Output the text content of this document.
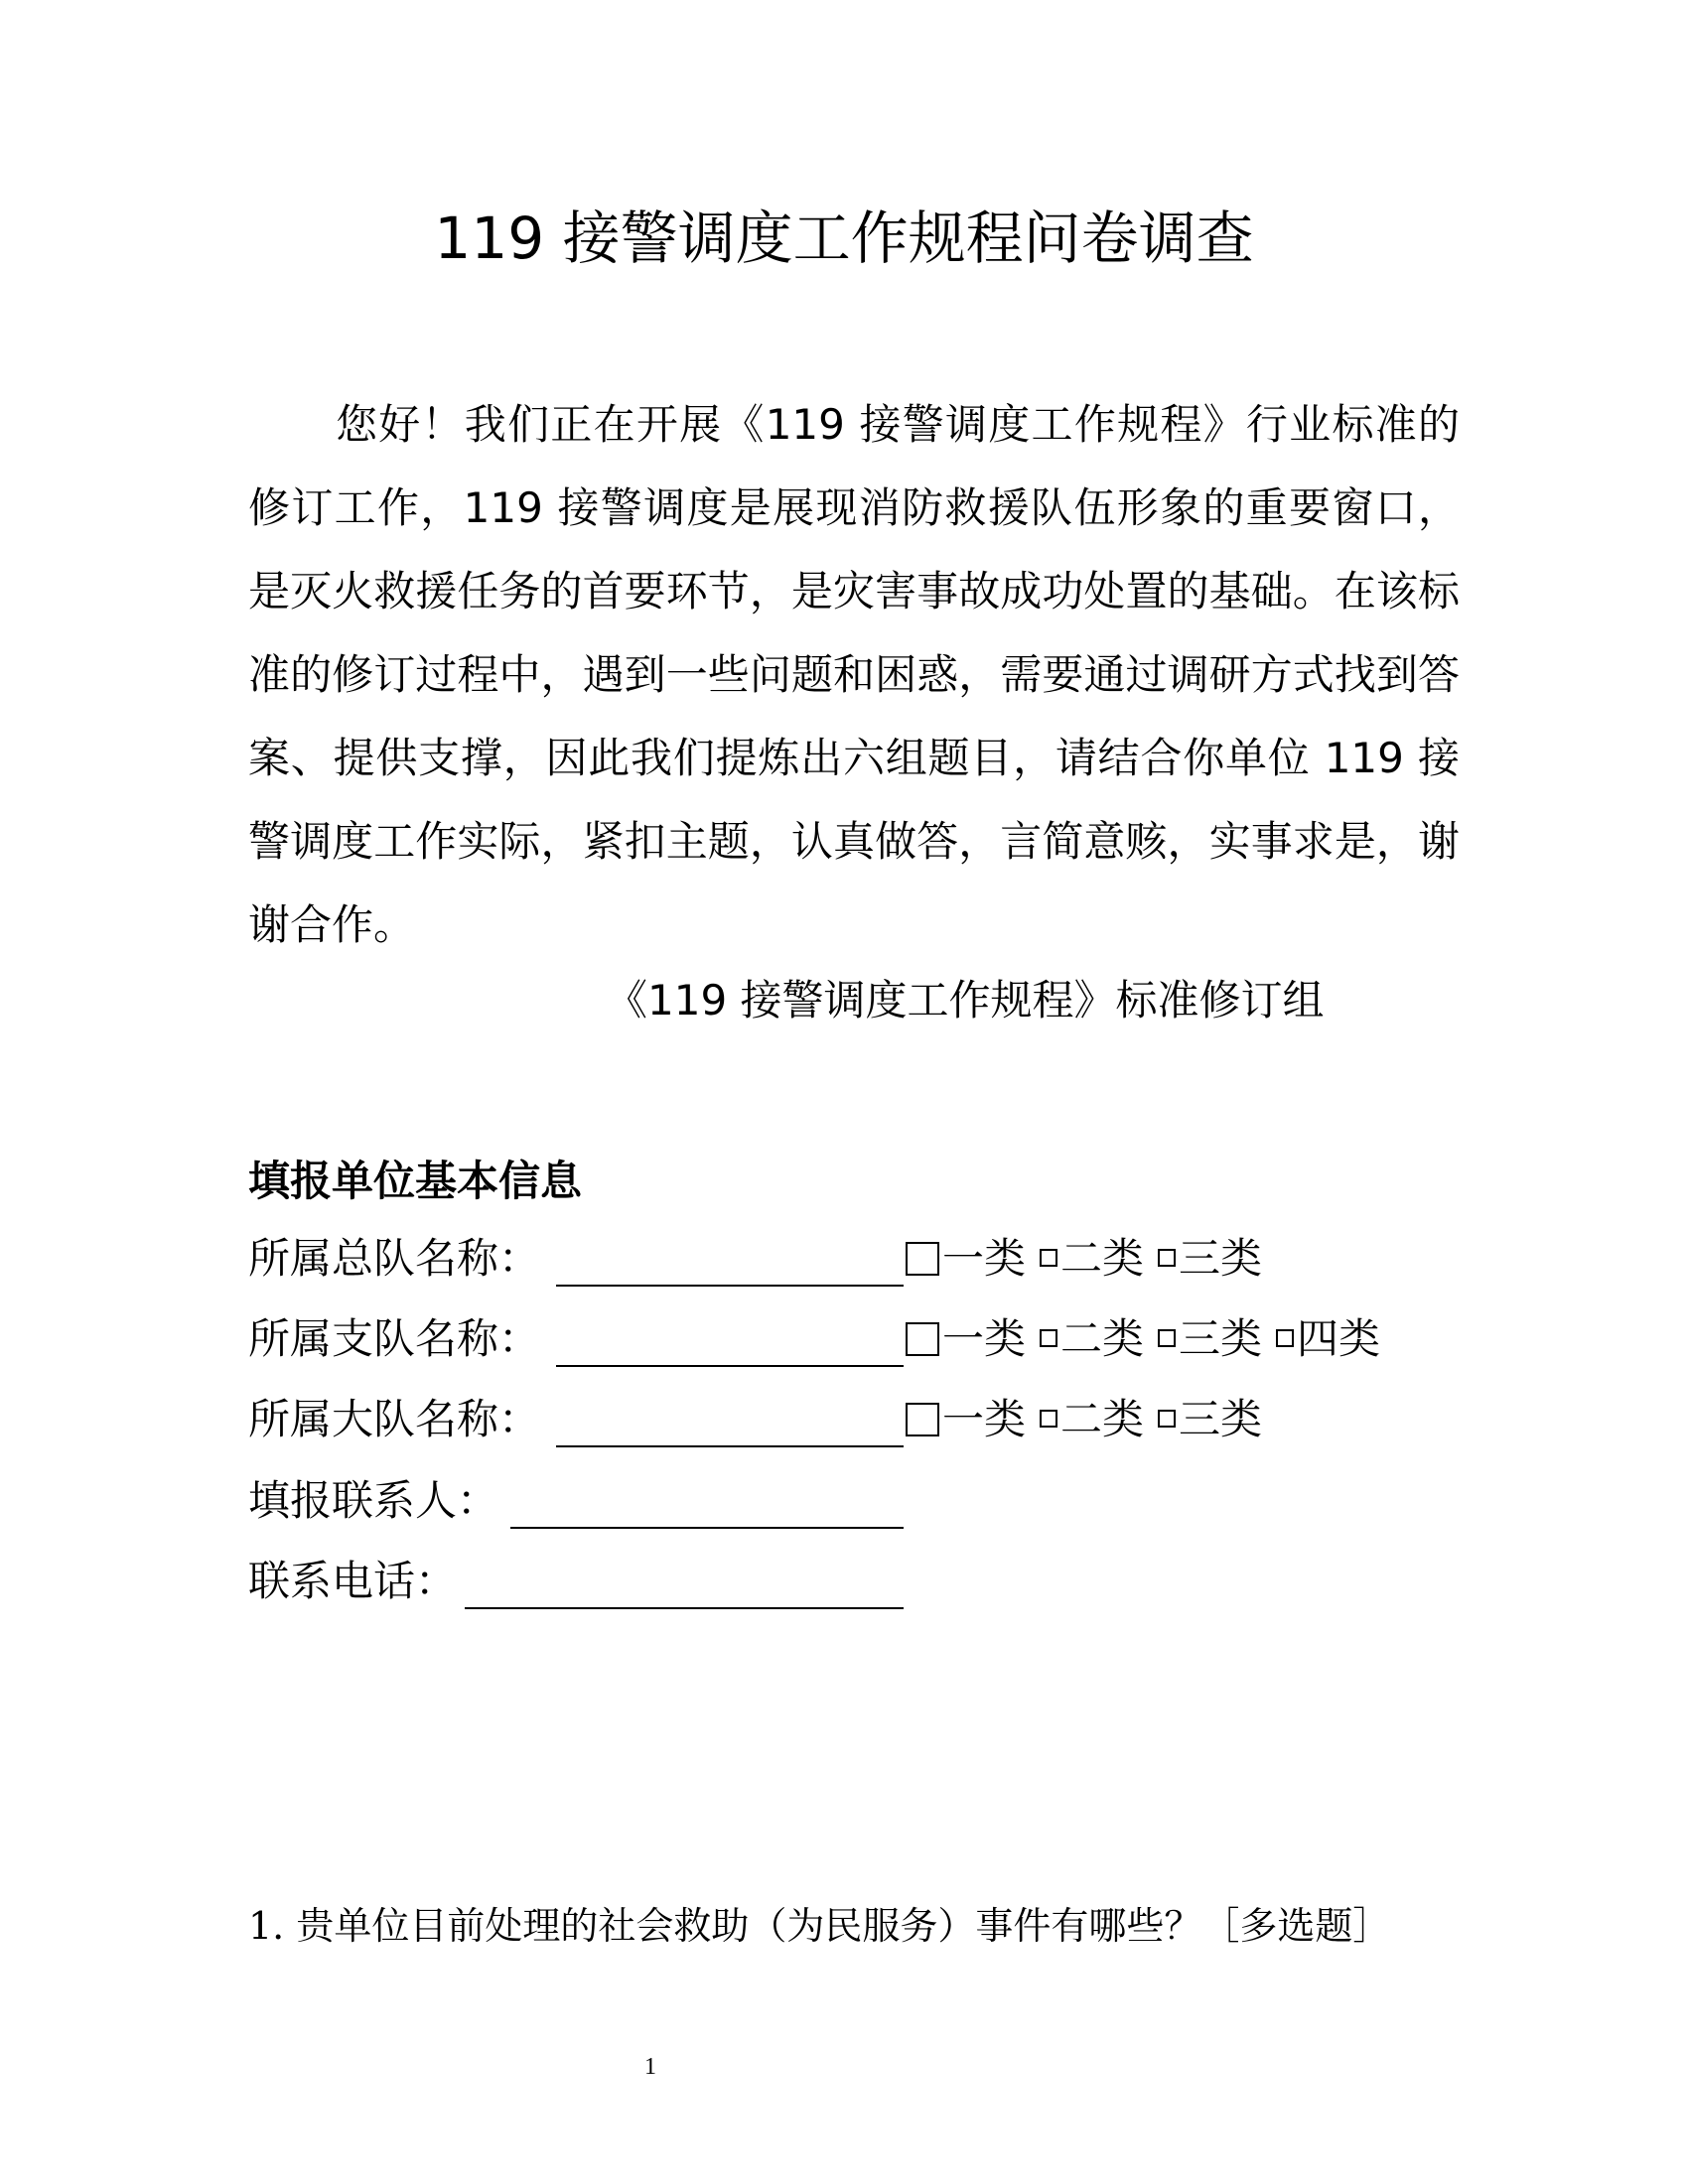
119 接警调度工作规程问卷调查

您好！我们正在开展《119 接警调度工作规程》行业标准的修订工作，119 接警调度是展现消防救援队伍形象的重要窗口，是灭火救援任务的首要环节，是灾害事故成功处置的基础。在该标准的修订过程中，遇到一些问题和困惑，需要通过调研方式找到答案、提供支撑，因此我们提炼出六组题目，请结合你单位 119 接警调度工作实际，紧扣主题，认真做答，言简意赅，实事求是，谢谢合作。

《119 接警调度工作规程》标准修订组
填报单位基本信息
所属总队名称：	一类 二类 三类
所属支队名称：	一类 二类 三类 四类
所属大队名称：	一类 二类 三类
填报联系人：
联系电话：
1. 贵单位目前处理的社会救助（为民服务）事件有哪些？［多选题］
1
